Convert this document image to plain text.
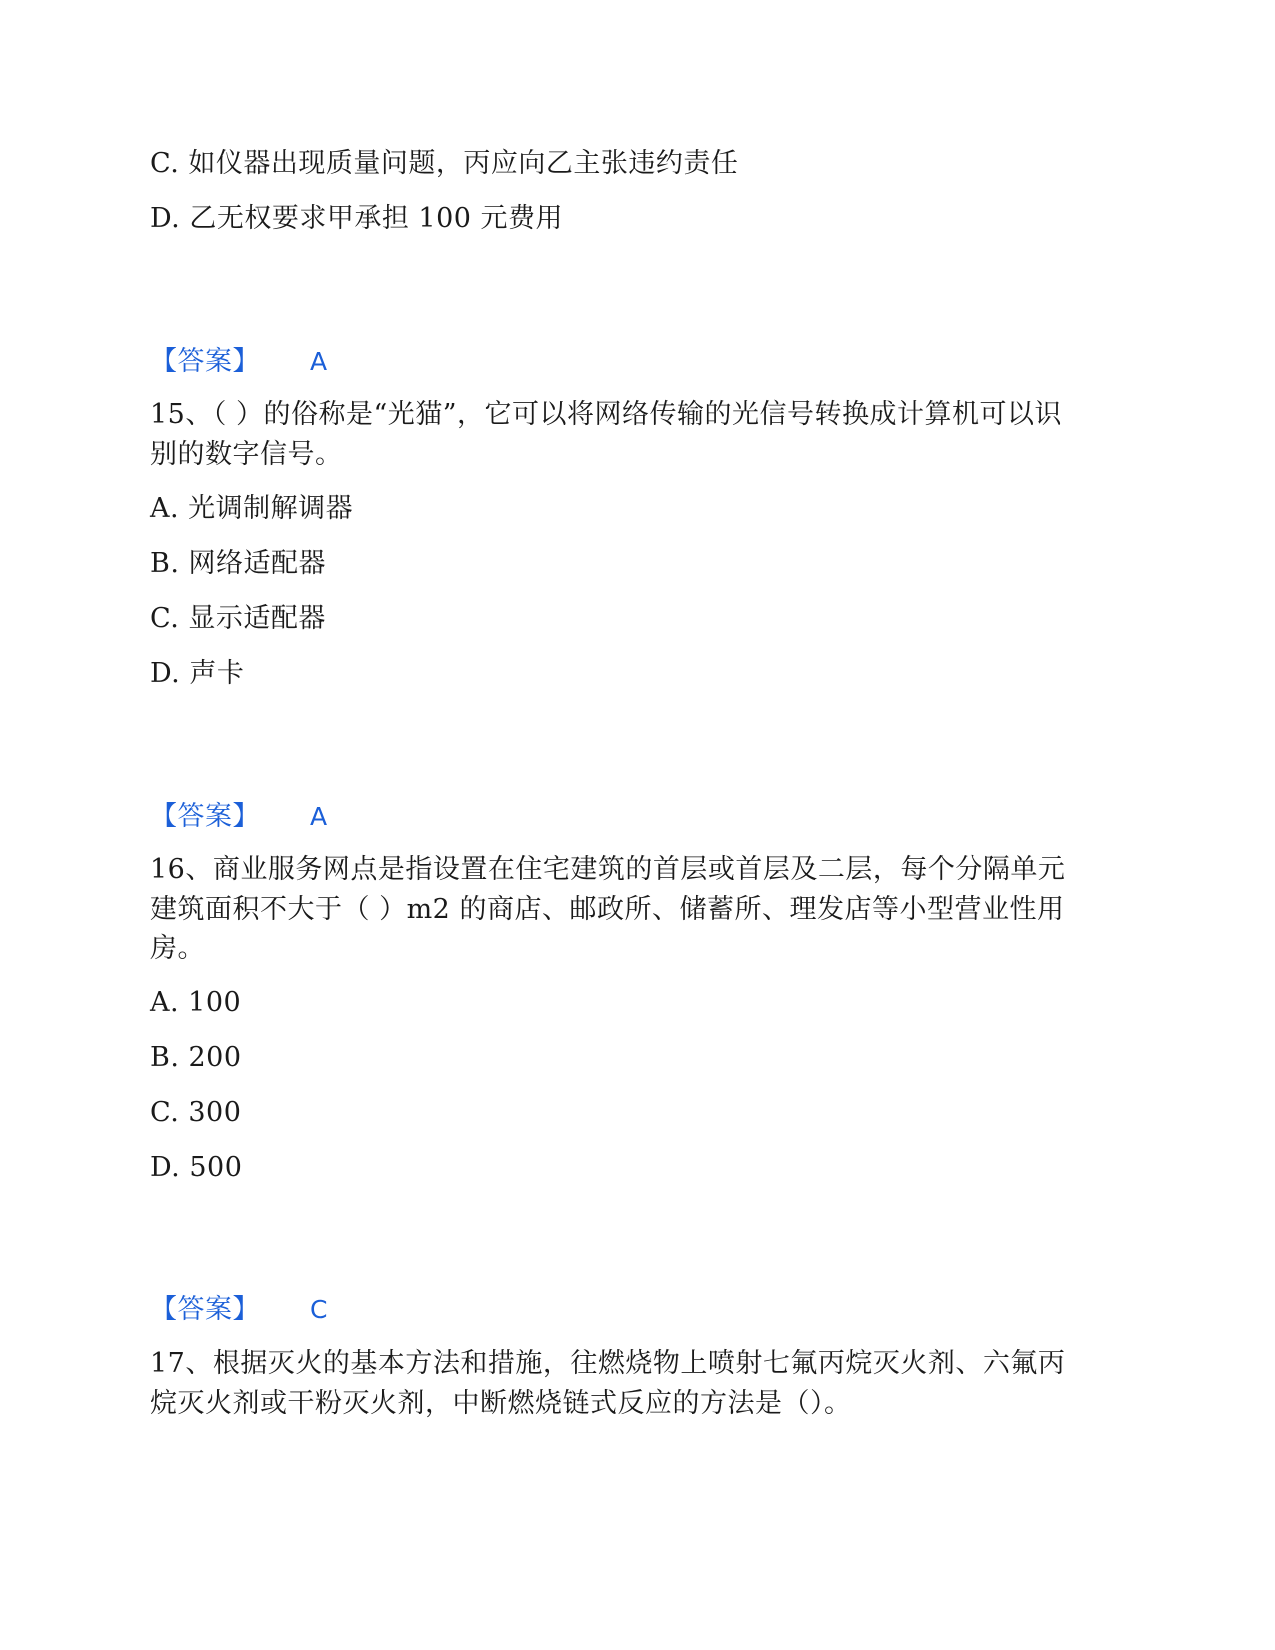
C. 如仪器出现质量问题，丙应向乙主张违约责任
D. 乙无权要求甲承担 100 元费用
【答案】 A
15、（ ）的俗称是“光猫”，它可以将网络传输的光信号转换成计算机可以识
别的数字信号。
A. 光调制解调器
B. 网络适配器
C. 显示适配器
D. 声卡
【答案】 A
16、商业服务网点是指设置在住宅建筑的首层或首层及二层，每个分隔单元
建筑面积不大于（ ）m2 的商店、邮政所、储蓄所、理发店等小型营业性用
房。
A. 100
B. 200
C. 300
D. 500
【答案】 C
17、根据灭火的基本方法和措施，往燃烧物上喷射七氟丙烷灭火剂、六氟丙
烷灭火剂或干粉灭火剂，中断燃烧链式反应的方法是（）。
